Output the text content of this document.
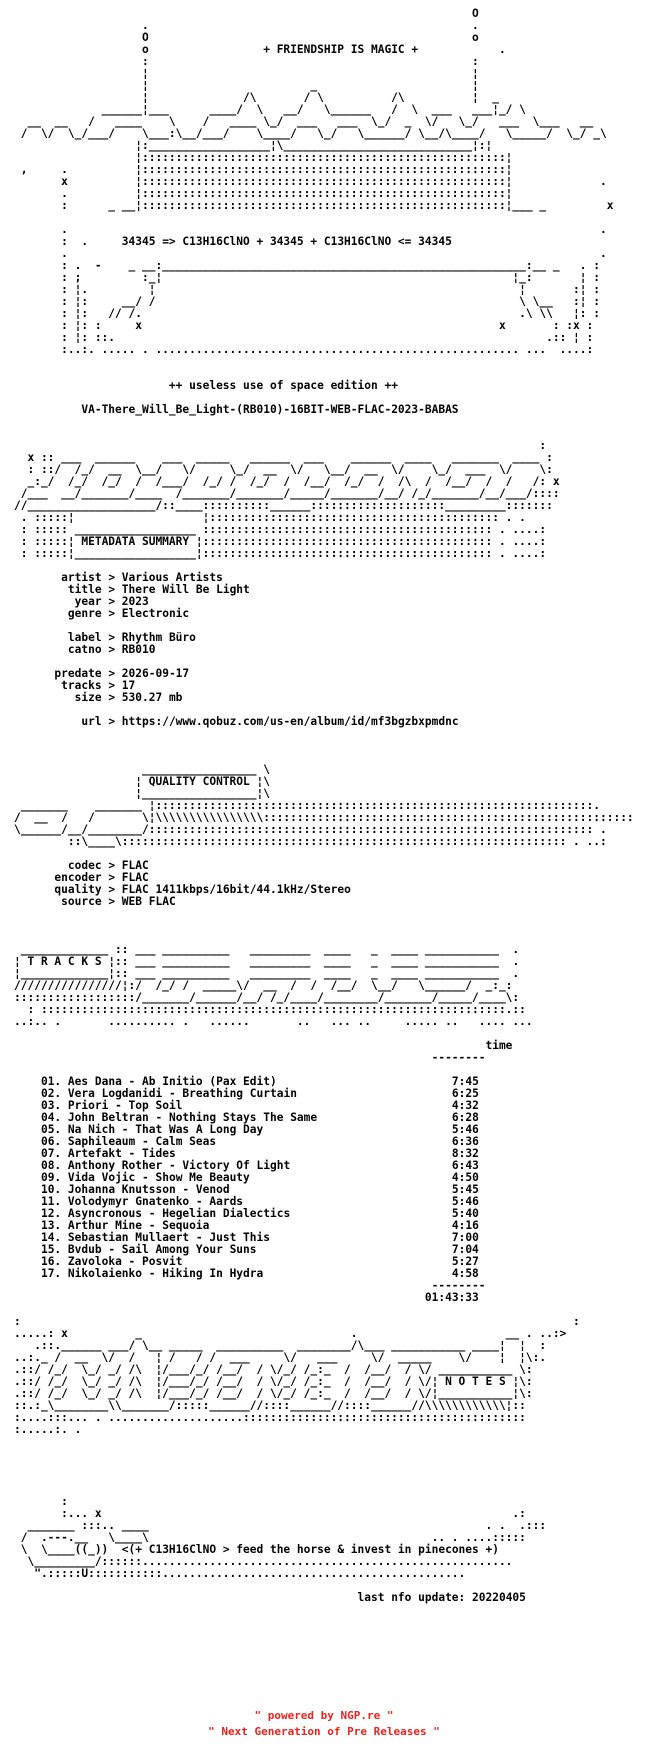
O
.                                                .
O                                                o
o                 + FRIENDSHIP IS MAGIC +            .
:                                                :
¦                                                ¦
¦                        _                       ¦
¦              /\       / \          /\          ¦  _
______¦___      ____/  \   __/   \______   /  \  ___   ___¦_/ \
__  __   /   ____    \    /   ____ \_/  ___   ___  \_/  _  \/   \_/   ___  \___   __
/  \/  \_/___/    \___:\__/___/    \____/   \_/   \______/ \__/\____/   \_____/  \_/ _\
¦:__________________¦\____________________________¦:¦
¦::::::::::::::::::::::::::::::::::::::::::::::::::::::¦
,     .          ¦::::::::::::::::::::::::::::::::::::::::::::::::::::::¦
x          ¦::::::::::::::::::::::::::::::::::::::::::::::::::::::¦             .
.          ¦::::::::::::::::::::::::::::::::::::::::::::::::::::::¦
:      _ __¦::::::::::::::::::::::::::::::::::::::::::::::::::::::¦___ _         x
.                                                                               .
:  .     34345 => C13H16ClNO + 34345 + C13H16ClNO <= 34345
.                                                                               .
: .  -    _ __:______________________________________________________:__ _   . :
: ;         :_¦                                                    ¦_:       ¦ :
: ¦.         ¦                                                      ¦       :¦ :
: ¦:     __/ /                                                      \ \__   :¦ :
: ¦:   // /.                                                        .\ \\   ¦: :
: ¦: :     x                                                     x       : :x :
: ¦: ::.                                                                .:: ¦ :
:..:. ..... . ...................................................... ...  ....:
++ useless use of space edition ++
VA-There_Will_Be_Light-(RB010)-16BIT-WEB-FLAC-2023-BABAS
:
x :: ___  ______    ___  _____   ______  ___    ______  ____   _______  ____ :
: ::/  /_/  __  \__/   \/     \_/  __  \/   \__/  __  \/    \_/  ___  \/    \:
_:_/  /_/  /_/  /  /___/  /_/ /  /_/  /  /__/  /_/  /  /\  /  /__/  /  /   /: x
/___  __/_______/____  /_______/_______/_____/_______/__/ /_/_______/__/___/::::
//___________________/::____::::::::::______::::::::::::::::::::_________:::::::
. :::::¦                   ¦::::::::::::::::::::::::::::::::::::::::::: . .
: ::::: __________________ ::::::::::::::::::::::::::::::::::::::::::: . ....:
: :::::¦ METADATA SUMMARY ¦::::::::::::::::::::::::::::::::::::::::::: . ....:
: :::::¦__________________¦::::::::::::::::::::::::::::::::::::::::::: . ....:
artist > Various Artists
title > There Will Be Light
year > 2023
genre > Electronic
label > Rhythm Büro
catno > RB010
predate > 2026-09-17
tracks > 17
size > 530.27 mb
url > https://www.qobuz.com/us-en/album/id/mf3bgzbxpmdnc
_________________ \
¦ QUALITY CONTROL ¦\
¦_________________¦\
_______    _______ ¦:::::::::::::::::::::::::::::::::::::::::::::::::::::::::::::::::.
/  __  /   /       \¦\\\\\\\\\\\\\\\\:::::::::::::::::::::::::::::::::::::::::::::::::::::::
\______/__/________/:::::::::::::::::::::::::::::::::::::::::::::::::::::::::::::::::: .
::\____\:::::::::::::::::::::::::::::::::::::::::::::::::::::::::::::::::: . ..:
codec > FLAC
encoder > FLAC
quality > FLAC 1411kbps/16bit/44.1kHz/Stereo
source > WEB FLAC
_____________ :: ___ __________   _________  ____   _  ____ ___________  .
¦ T R A C K S ¦:: ___ __________   _________  ____   _  ____ ___________  .
¦_____________¦:: ___ __________   _________  ____   _  ____ ___________  .
////////////////¦:/  /_/ /  _____\/  __  /  /  /__/  \__/   \______/  _:_:
::::::::::::::::::/_______/______/__/ /_/____/________/_______/_____/____\:
: :::::::::::::::::::::::::::::::::::::::::::::::::::::::::::::::::::::.::
..:.. .       .......... .   ......       ..   ... ..     ..... ..   .... ...
time
--------
01. Aes Dana - Ab Initio (Pax Edit)	7:45
02. Vera Logdanidi - Breathing Curtain	6:25
03. Priori - Top Soil	4:32
04. John Beltran - Nothing Stays The Same	6:28
05. Na Nich - That Was A Long Day	5:46
06. Saphileaum - Calm Seas	6:36
07. Artefakt - Tides	8:32
08. Anthony Rother - Victory Of Light	6:43
09. Vida Vojic - Show Me Beauty	4:50
10. Johanna Knutsson - Venod	5:45
11. Volodymyr Gnatenko - Aards	5:46
12. Asyncronous - Hegelian Dialectics	5:40
13. Arthur Mine - Sequoia	4:16
14. Sebastian Mullaert - Just This	7:00
15. Bvdub - Sail Among Your Suns	7:04
16. Zavoloka - Posvit	5:27
17. Nikolaienko - Hiking In Hydra	4:58
--------
01:43:33
:                                                                                  :
.....: x          _                               .                      __ . ..:>
.::.______ ___/ \__ _____  __________  ________/\___ ___________ ____¦  ¦  :
..:._ /  __  \/  /   ¦ /   / /  ___     \/   ___     \/  _____    \/    ¦  ¦\:.
.::/ /_/  \_/ _/ /\  ¦/___/_/ /__/  / \/_/ /_:_  /  /__/  / \/ ___________ \:
.::/ /_/  \_/ _/ /\  ¦/___/_/ /__/  / \/_/ /_:_  /  /__/  / \/¦ N O T E S ¦\:
.::/ /_/  \_/ _/ /\  ¦/___/_/ /__/  / \/_/ /_:_  /  /__/  / \/¦___________¦\:
::.:_\________\\_______/:::::______//::::______//::::______//\\\\\\\\\\\\¦::
:....:::... . ....................::::::::::::::::::::::::::::::::::::::::::
:.....:. .
:
:... x                                                             .:
_______ :::.. ____                                                  . .  .:::
/  .---.__   \____\                                          .. . ....:::::
\  \____((_))  <(+ C13H16ClNO > feed the horse & invest in pinecones +)
\_________/::::::.......................................................
".:::::U:::::::::::.............................................
last nfo update: 20220405
" powered by NGP.re "
" Next Generation of Pre Releases "
